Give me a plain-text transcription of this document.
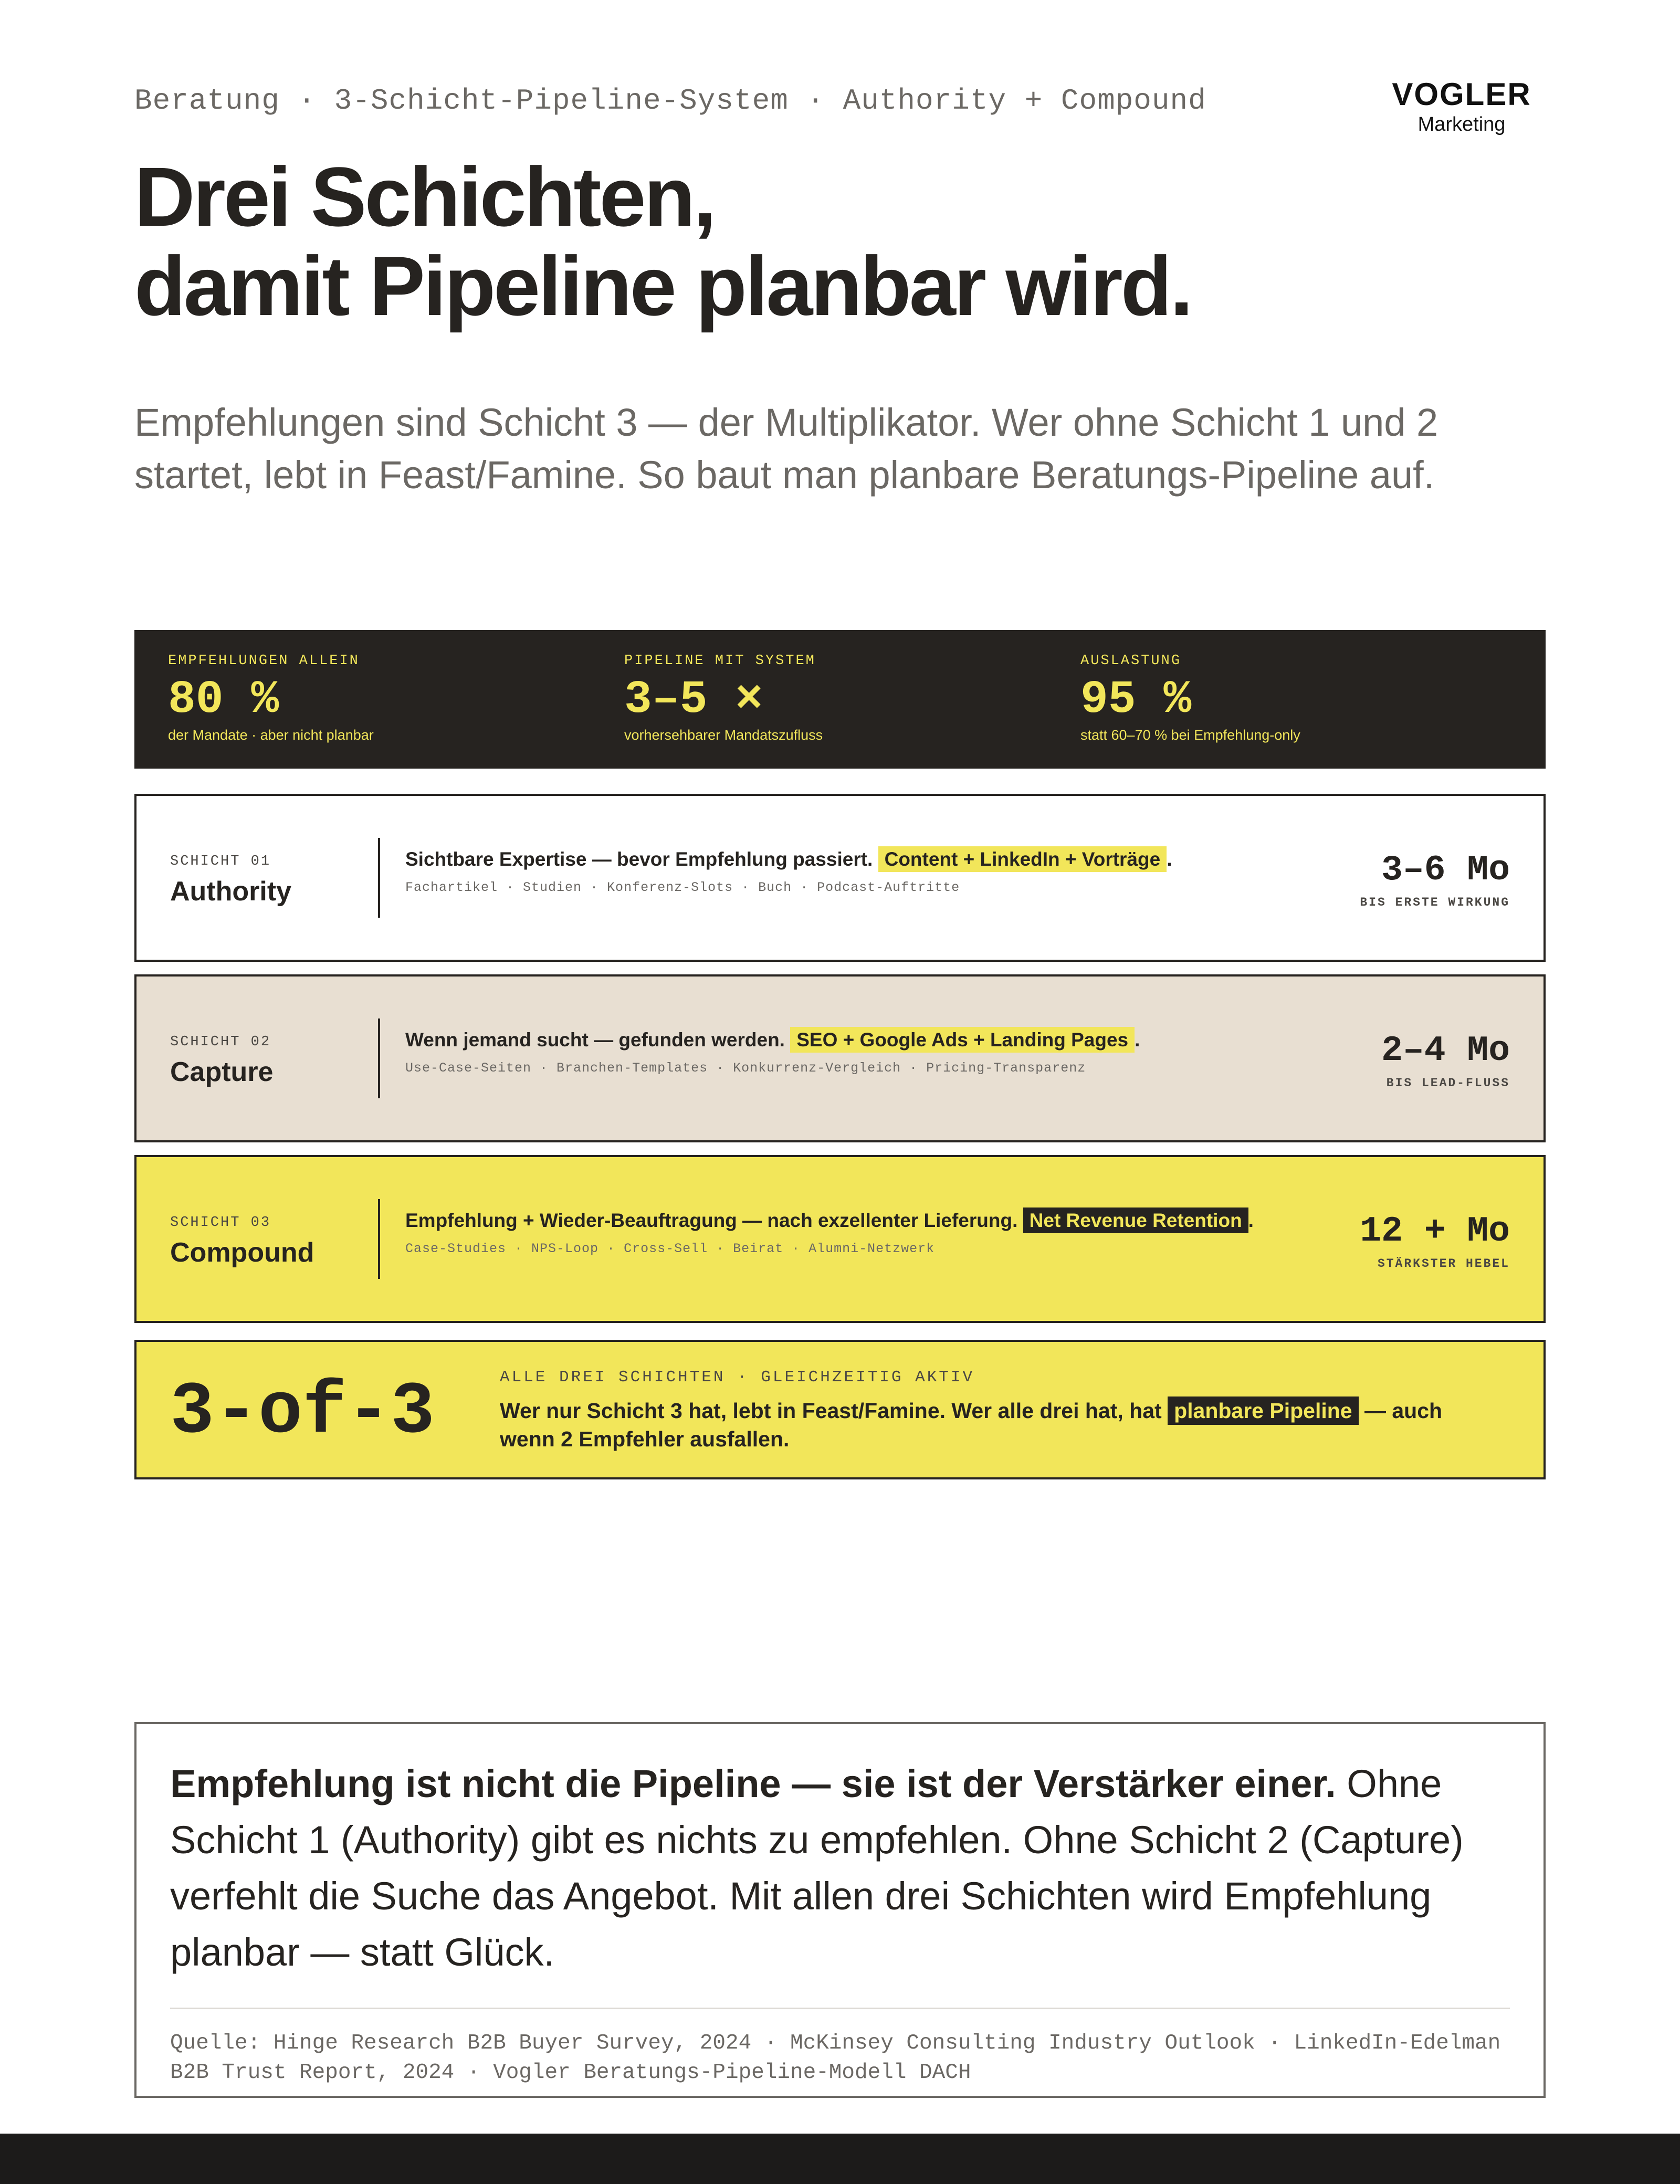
Beratung · 3-Schicht-Pipeline-System · Authority + Compound	VOGLER
Marketing
Drei Schichten,
damit Pipeline planbar wird.

Empfehlungen sind Schicht 3 — der Multiplikator. Wer ohne Schicht 1 und 2 startet, lebt in Feast/Famine. So baut man planbare Beratungs-Pipeline auf.

EMPFEHLUNGEN ALLEIN
80 %
der Mandate · aber nicht planbar
PIPELINE MIT SYSTEM
3–5 ×
vorhersehbarer Mandatszufluss
AUSLASTUNG
95 %
statt 60–70 % bei Empfehlung-only
SCHICHT 01
Authority
Sichtbare Expertise — bevor Empfehlung passiert. Content + LinkedIn + Vorträge .
Fachartikel · Studien · Konferenz-Slots · Buch · Podcast-Auftritte	3–6 Mo
BIS ERSTE WIRKUNG
SCHICHT 02
Capture
Wenn jemand sucht — gefunden werden. SEO + Google Ads + Landing Pages .
Use-Case-Seiten · Branchen-Templates · Konkurrenz-Vergleich · Pricing-Transparenz	2–4 Mo
BIS LEAD-FLUSS
SCHICHT 03
Compound
Empfehlung + Wieder-Beauftragung — nach exzellenter Lieferung. Net Revenue Retention .
Case-Studies · NPS-Loop · Cross-Sell · Beirat · Alumni-Netzwerk	12 + Mo
STÄRKSTER HEBEL
3-of-3	ALLE DREI SCHICHTEN · GLEICHZEITIG AKTIV
Wer nur Schicht 3 hat, lebt in Feast/Famine. Wer alle drei hat, hat planbare Pipeline — auch wenn 2 Empfehler ausfallen.

Empfehlung ist nicht die Pipeline — sie ist der Verstärker einer. Ohne Schicht 1 (Authority) gibt es nichts zu empfehlen. Ohne Schicht 2 (Capture) verfehlt die Suche das Angebot. Mit allen drei Schichten wird Empfehlung planbar — statt Glück.

Quelle: Hinge Research B2B Buyer Survey, 2024 · McKinsey Consulting Industry Outlook · LinkedIn-Edelman B2B Trust Report, 2024 · Vogler Beratungs-Pipeline-Modell DACH
